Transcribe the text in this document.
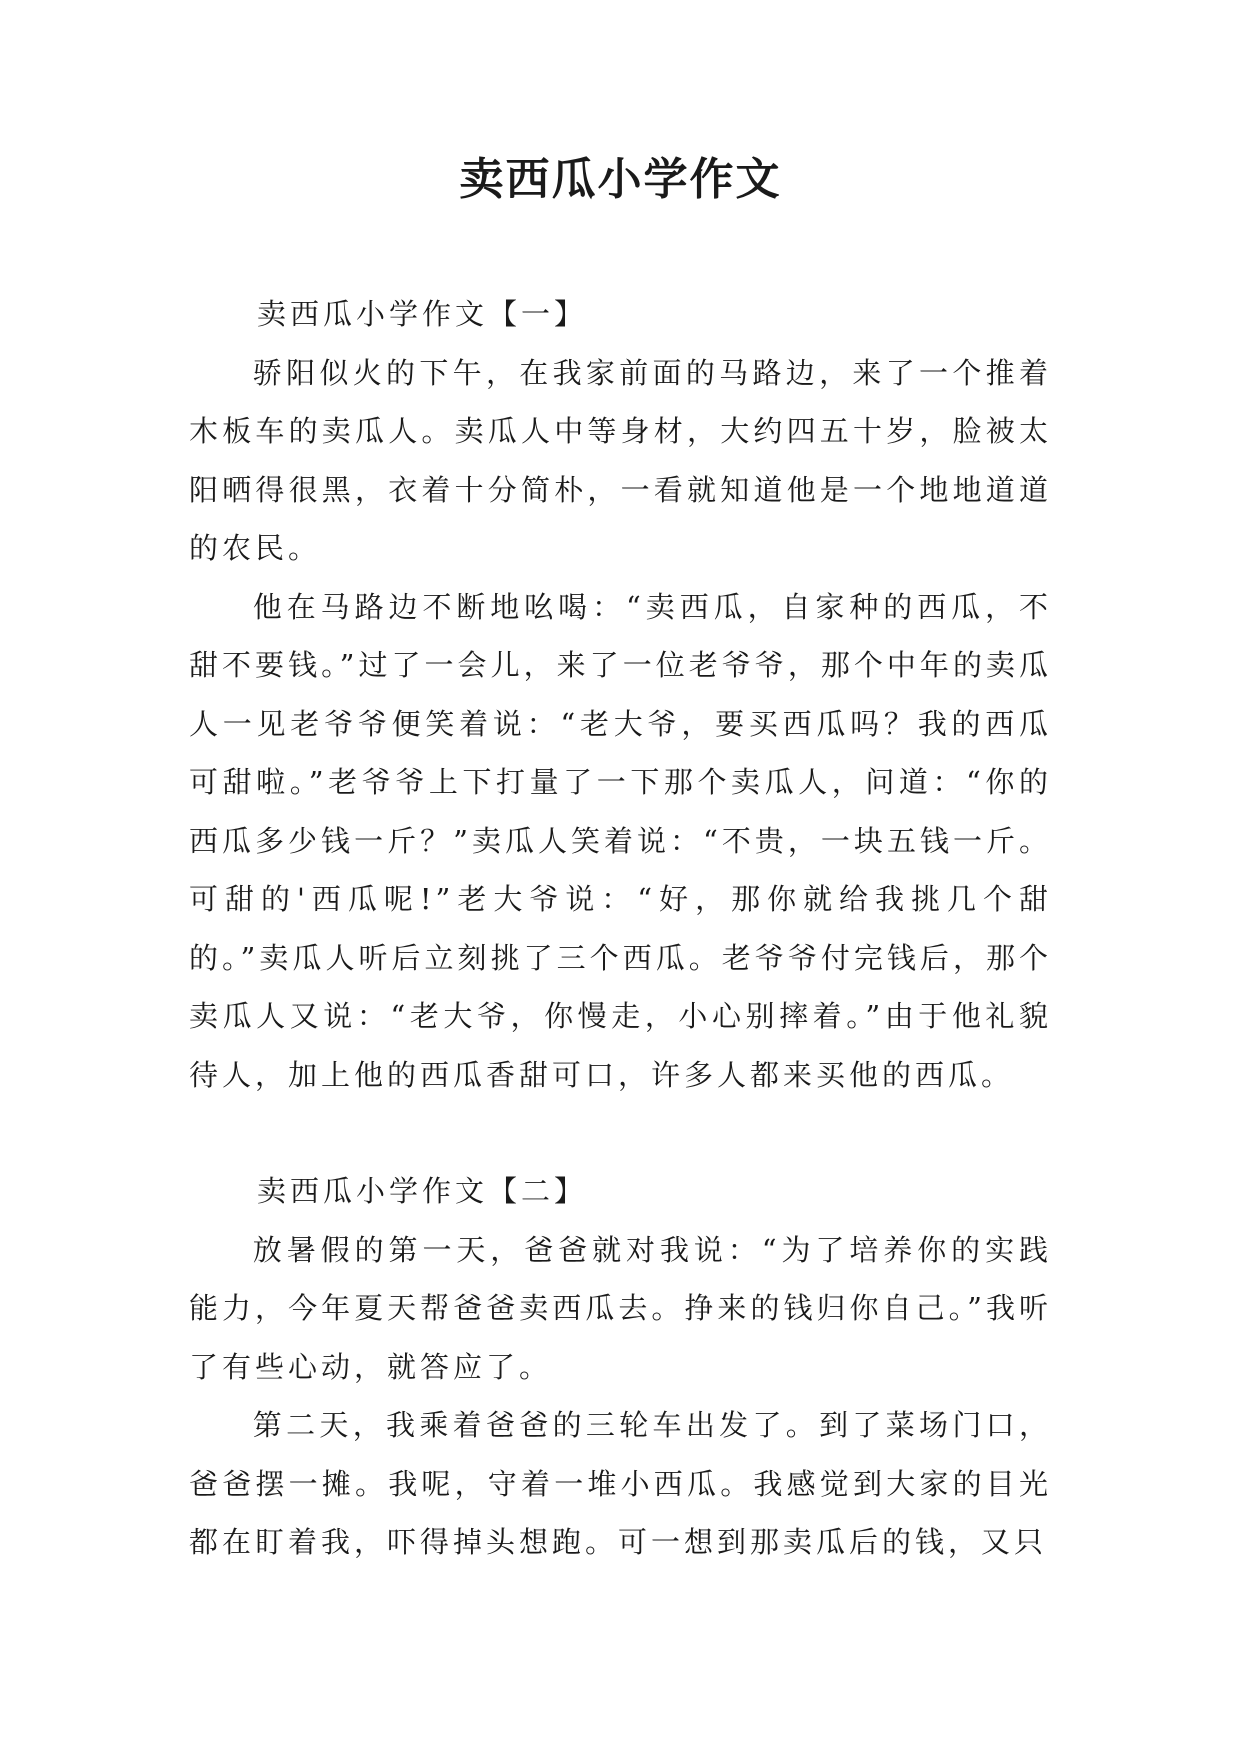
卖西瓜小学作文
卖西瓜小学作文【一】

骄阳似火的下午，在我家前面的马路边，来了一个推着木板车的卖瓜人。卖瓜人中等身材，大约四五十岁，脸被太阳晒得很黑，衣着十分简朴，一看就知道他是一个地地道道的农民。

他在马路边不断地吆喝：“卖西瓜，自家种的西瓜，不甜不要钱。”过了一会儿，来了一位老爷爷，那个中年的卖瓜人一见老爷爷便笑着说：“老大爷，要买西瓜吗？我的西瓜可甜啦。”老爷爷上下打量了一下那个卖瓜人，问道：“你的西瓜多少钱一斤？”卖瓜人笑着说：“不贵，一块五钱一斤。可甜的'西瓜呢!”老大爷说：“好，那你就给我挑几个甜的。”卖瓜人听后立刻挑了三个西瓜。老爷爷付完钱后，那个卖瓜人又说：“老大爷，你慢走，小心别摔着。”由于他礼貌待人，加上他的西瓜香甜可口，许多人都来买他的西瓜。

卖西瓜小学作文【二】

放暑假的第一天，爸爸就对我说：“为了培养你的实践能力，今年夏天帮爸爸卖西瓜去。挣来的钱归你自己。”我听了有些心动，就答应了。

第二天，我乘着爸爸的三轮车出发了。到了菜场门口，爸爸摆一摊。我呢，守着一堆小西瓜。我感觉到大家的目光都在盯着我，吓得掉头想跑。可一想到那卖瓜后的钱，又只
